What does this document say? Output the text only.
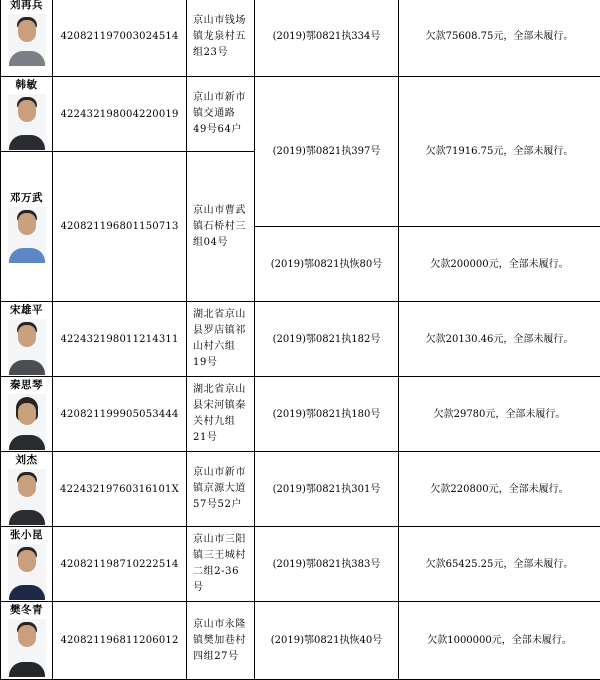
刘再兵	420821197003024514	京山市钱场镇龙泉村五组23号	(2019)鄂0821执334号	欠款75608.75元，全部未履行。

韩敏	422432198004220019	京山市新市镇交通路49号64户	(2019)鄂0821执397号	欠款71916.75元，全部未履行。

邓万武	420821196801150713	京山市曹武镇石桥村三组04号		
			(2019)鄂0821执恢80号	欠款200000元，全部未履行。

宋雄平	422432198011214311	湖北省京山县罗店镇祁山村六组19号	(2019)鄂0821执182号	欠款20130.46元，全部未履行。

秦思琴	420821199905053444	湖北省京山县宋河镇秦关村九组21号	(2019)鄂0821执180号	欠款29780元，全部未履行。

刘杰	42243219760316101X	京山市新市镇京源大道57号52户	(2019)鄂0821执301号	欠款220800元，全部未履行。

张小昆	420821198710222514	京山市三阳镇三王城村二组2-36号	(2019)鄂0821执383号	欠款65425.25元，全部未履行。

樊冬青	420821196811206012	京山市永隆镇樊加巷村四组27号	(2019)鄂0821执恢40号	欠款1000000元，全部未履行。
